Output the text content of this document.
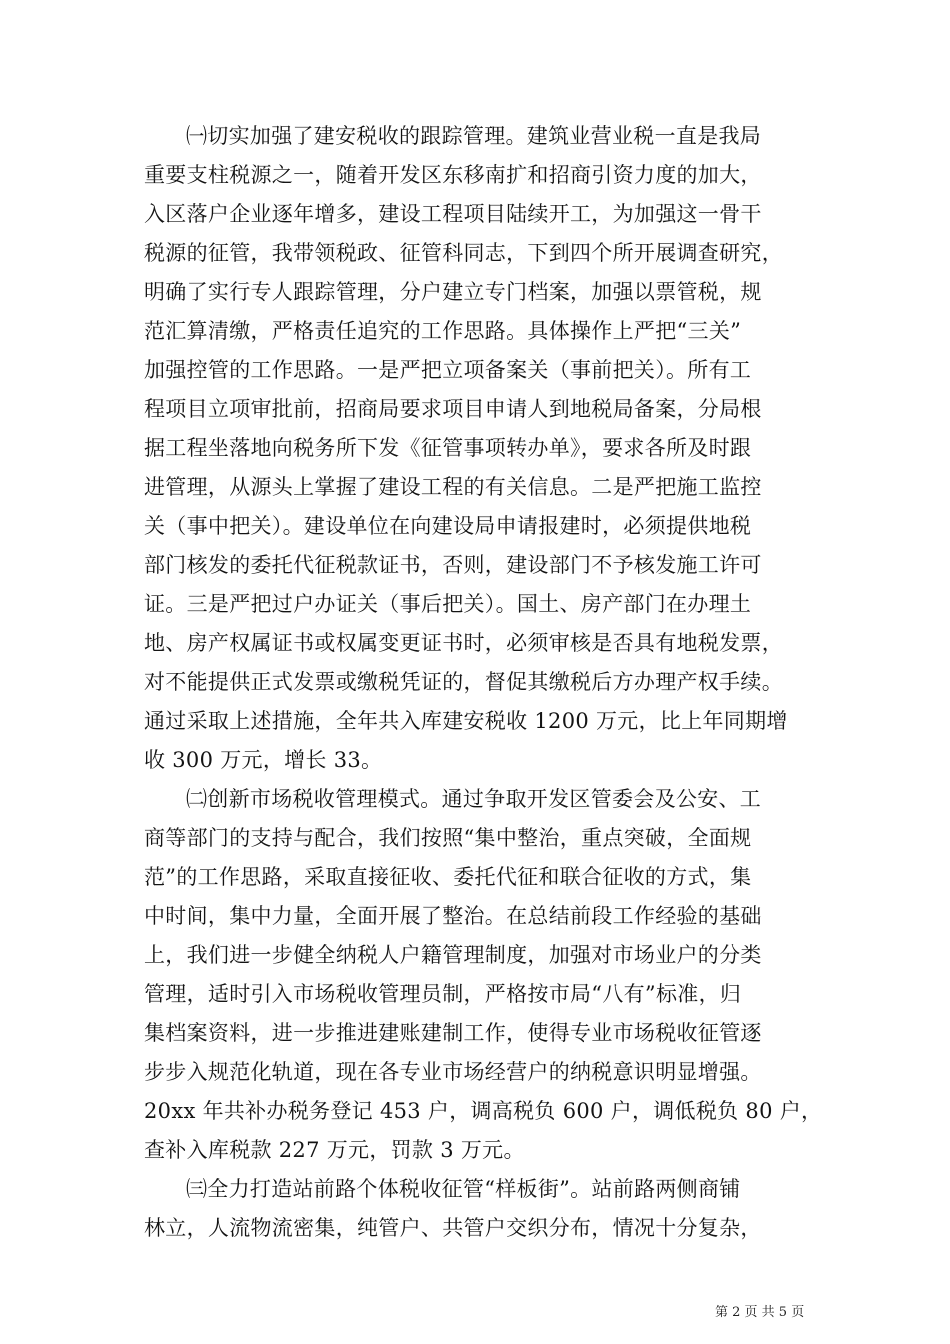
㈠切实加强了建安税收的跟踪管理。建筑业营业税一直是我局
重要支柱税源之一，随着开发区东移南扩和招商引资力度的加大，
入区落户企业逐年增多，建设工程项目陆续开工，为加强这一骨干
税源的征管，我带领税政、征管科同志，下到四个所开展调查研究，
明确了实行专人跟踪管理，分户建立专门档案，加强以票管税，规
范汇算清缴，严格责任追究的工作思路。具体操作上严把“三关”
加强控管的工作思路。一是严把立项备案关（事前把关）。所有工
程项目立项审批前，招商局要求项目申请人到地税局备案，分局根
据工程坐落地向税务所下发《征管事项转办单》，要求各所及时跟
进管理，从源头上掌握了建设工程的有关信息。二是严把施工监控
关（事中把关）。建设单位在向建设局申请报建时，必须提供地税
部门核发的委托代征税款证书，否则，建设部门不予核发施工许可
证。三是严把过户办证关（事后把关）。国土、房产部门在办理土
地、房产权属证书或权属变更证书时，必须审核是否具有地税发票，
对不能提供正式发票或缴税凭证的，督促其缴税后方办理产权手续。
通过采取上述措施，全年共入库建安税收 1200 万元，比上年同期增
收 300 万元，增长 33。
㈡创新市场税收管理模式。通过争取开发区管委会及公安、工
商等部门的支持与配合，我们按照“集中整治，重点突破，全面规
范”的工作思路，采取直接征收、委托代征和联合征收的方式，集
中时间，集中力量，全面开展了整治。在总结前段工作经验的基础
上，我们进一步健全纳税人户籍管理制度，加强对市场业户的分类
管理，适时引入市场税收管理员制，严格按市局“八有”标准，归
集档案资料，进一步推进建账建制工作，使得专业市场税收征管逐
步步入规范化轨道，现在各专业市场经营户的纳税意识明显增强。
20xx 年共补办税务登记 453 户，调高税负 600 户，调低税负 80 户，
查补入库税款 227 万元，罚款 3 万元。
㈢全力打造站前路个体税收征管“样板街”。站前路两侧商铺
林立，人流物流密集，纯管户、共管户交织分布，情况十分复杂，
第 2 页 共 5 页
